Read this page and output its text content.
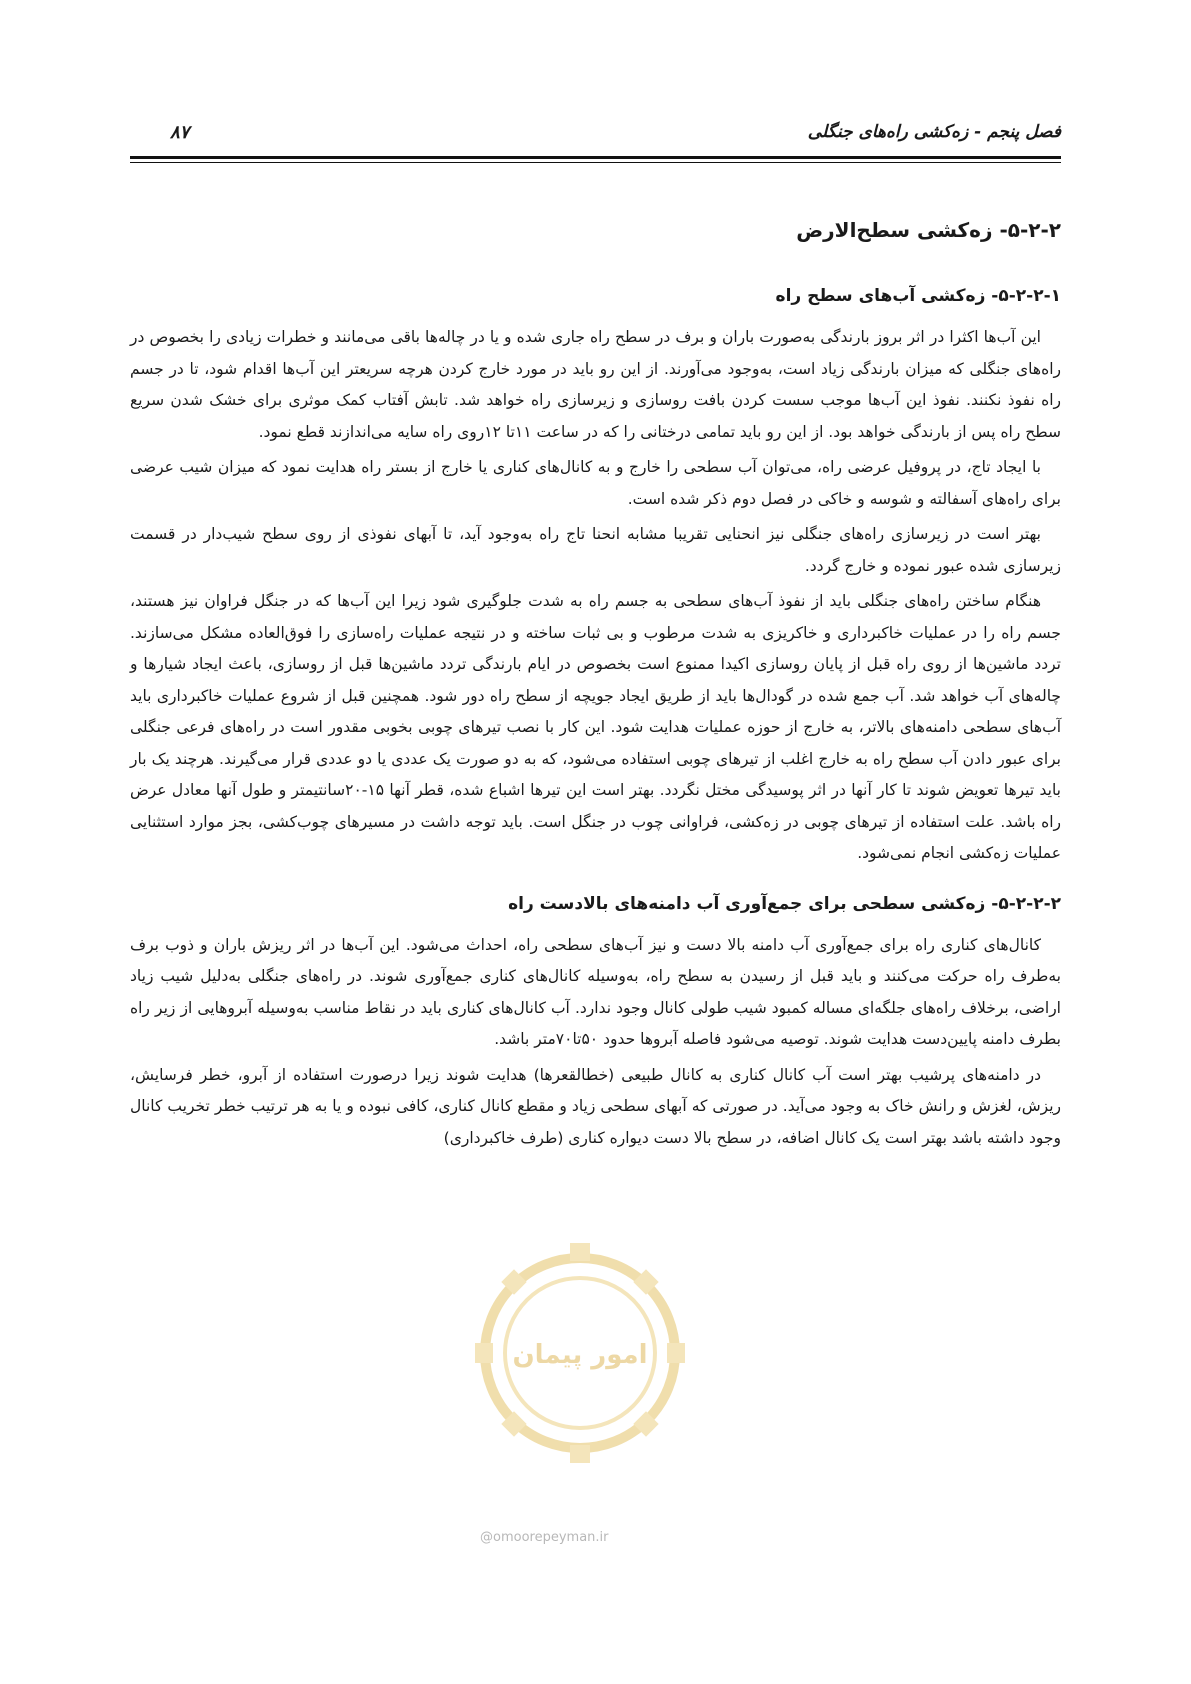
فصل پنجم - زه‌کشی راه‌های جنگلی
۸۷
۵-۲-۲- زه‌کشی سطح‌الارض
۵-۲-۲-۱- زه‌کشی آب‌های سطح راه

این آب‌ها اکثرا در اثر بروز بارندگی به‌صورت باران و برف در سطح راه جاری شده و یا در چاله‌ها باقی می‌مانند و خطرات زیادی را بخصوص در راه‌های جنگلی که میزان بارندگی زیاد است، به‌وجود می‌آورند. از این رو باید در مورد خارج کردن هرچه سریعتر این آب‌ها اقدام شود، تا در جسم راه نفوذ نکنند. نفوذ این آب‌ها موجب سست کردن بافت روسازی و زیرسازی راه خواهد شد. تابش آفتاب کمک موثری برای خشک شدن سریع سطح راه پس از بارندگی خواهد بود. از این رو باید تمامی درختانی را که در ساعت ۱۱تا ۱۲روی راه سایه می‌اندازند قطع نمود.

با ایجاد تاج، در پروفیل عرضی راه، می‌توان آب سطحی را خارج و به کانال‌های کناری یا خارج از بستر راه هدایت نمود که میزان شیب عرضی برای راه‌های آسفالته و شوسه و خاکی در فصل دوم ذکر شده است.

بهتر است در زیرسازی راه‌های جنگلی نیز انحنایی تقریبا مشابه انحنا تاج راه به‌وجود آید، تا آبهای نفوذی از روی سطح شیب‌دار در قسمت زیرسازی شده عبور نموده و خارج گردد.

هنگام ساختن راه‌های جنگلی باید از نفوذ آب‌های سطحی به جسم راه به شدت جلوگیری شود زیرا این آب‌ها که در جنگل فراوان نیز هستند، جسم راه را در عملیات خاکبرداری و خاکریزی به شدت مرطوب و بی ثبات ساخته و در نتیجه عملیات راه‌سازی را فوق‌العاده مشکل می‌سازند. تردد ماشین‌ها از روی راه قبل از پایان روسازی اکیدا ممنوع است بخصوص در ایام بارندگی تردد ماشین‌ها قبل از روسازی، باعث ایجاد شیارها و چاله‌های آب خواهد شد. آب جمع شده در گودال‌ها باید از طریق ایجاد جویچه از سطح راه دور شود. همچنین قبل از شروع عملیات خاکبرداری باید آب‌های سطحی دامنه‌های بالاتر، به خارج از حوزه عملیات هدایت شود. این کار با نصب تیرهای چوبی بخوبی مقدور است در راه‌های فرعی جنگلی برای عبور دادن آب سطح راه به خارج اغلب از تیرهای چوبی استفاده می‌شود، که به دو صورت یک عددی یا دو عددی قرار می‌گیرند. هرچند یک بار باید تیرها تعویض شوند تا کار آنها در اثر پوسیدگی مختل نگردد. بهتر است این تیرها اشباع شده، قطر آنها ۱۵-۲۰سانتیمتر و طول آنها معادل عرض راه باشد. علت استفاده از تیرهای چوبی در زه‌کشی، فراوانی چوب در جنگل است. باید توجه داشت در مسیرهای چوب‌کشی، بجز موارد استثنایی عملیات زه‌کشی انجام نمی‌شود.

۵-۲-۲-۲- زه‌کشی سطحی برای جمع‌آوری آب دامنه‌های بالادست راه

کانال‌های کناری راه برای جمع‌آوری آب دامنه بالا دست و نیز آب‌های سطحی راه، احداث می‌شود. این آب‌ها در اثر ریزش باران و ذوب برف به‌طرف راه حرکت می‌کنند و باید قبل از رسیدن به سطح راه، به‌وسیله کانال‌های کناری جمع‌آوری شوند. در راه‌های جنگلی به‌دلیل شیب زیاد اراضی، برخلاف راه‌های جلگه‌ای مساله کمبود شیب طولی کانال وجود ندارد. آب کانال‌های کناری باید در نقاط مناسب به‌وسیله آبروهایی از زیر راه بطرف دامنه پایین‌دست هدایت شوند. توصیه می‌شود فاصله آبروها حدود ۵۰تا۷۰متر باشد.

در دامنه‌های پرشیب بهتر است آب کانال کناری به کانال طبیعی (خطالقعرها) هدایت شوند زیرا درصورت استفاده از آبرو، خطر فرسایش، ریزش، لغزش و رانش خاک به وجود می‌آید. در صورتی که آبهای سطحی زیاد و مقطع کانال کناری، کافی نبوده و یا به هر ترتیب خطر تخریب کانال وجود داشته باشد بهتر است یک کانال اضافه، در سطح بالا دست دیواره کناری (طرف خاکبرداری)

امور پیمان
@omoorepeyman.ir
